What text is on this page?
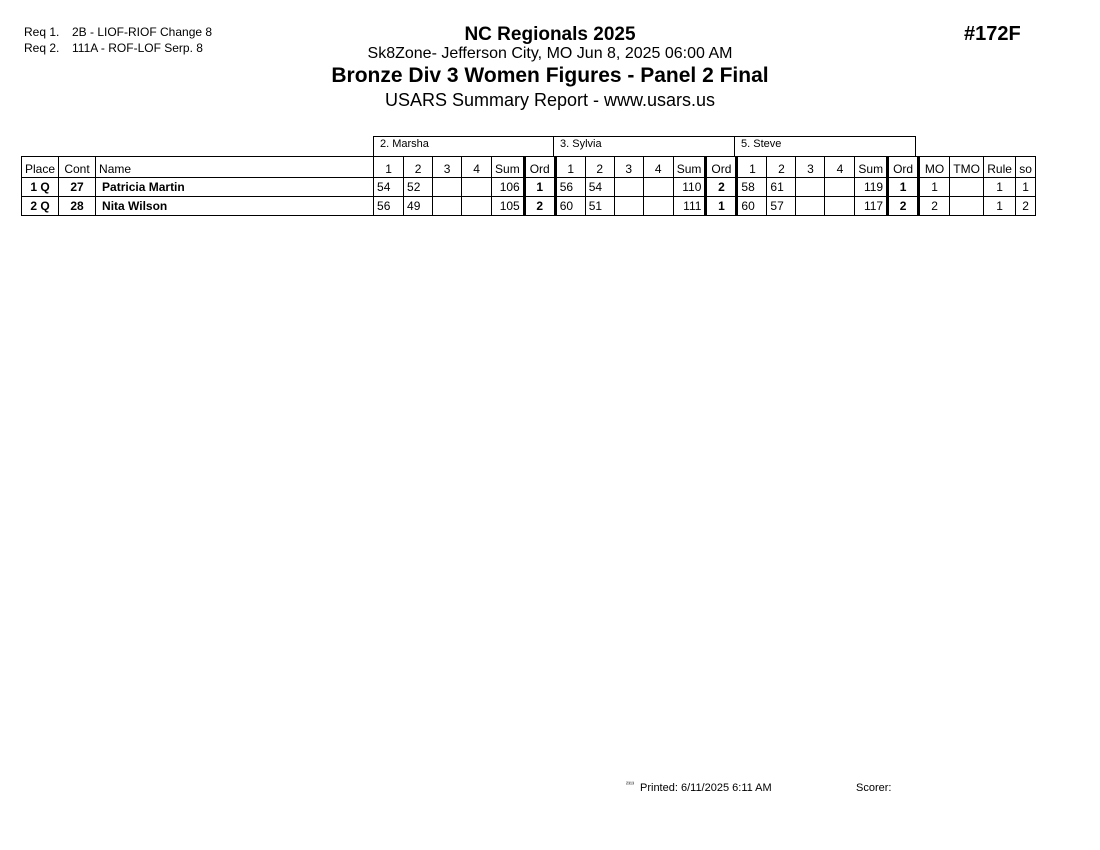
Req 1. 2B - LIOF-RIOF Change 8
Req 2. 111A - ROF-LOF Serp. 8
NC Regionals 2025
Sk8Zone- Jefferson City, MO Jun 8, 2025 06:00 AM
Bronze Div 3 Women Figures - Panel 2 Final
USARS Summary Report - www.usars.us
#172F
2. Marsha	3. Sylvia	5. Steve
Place	Cont	Name	1	2	3	4	Sum	Ord	1	2	3	4	Sum	Ord	1	2	3	4	Sum	Ord	MO	TMO	Rule	so
1 Q	27	Patricia Martin	54	52			106	1	56	54			110	2	58	61			119	1	1		1	1
2 Q	28	Nita Wilson	56	49			105	2	60	51			111	1	60	57			117	2	2		1	2
$^{^{2313}}$ Printed: 6/11/2025 6:11 AM	Scorer:
